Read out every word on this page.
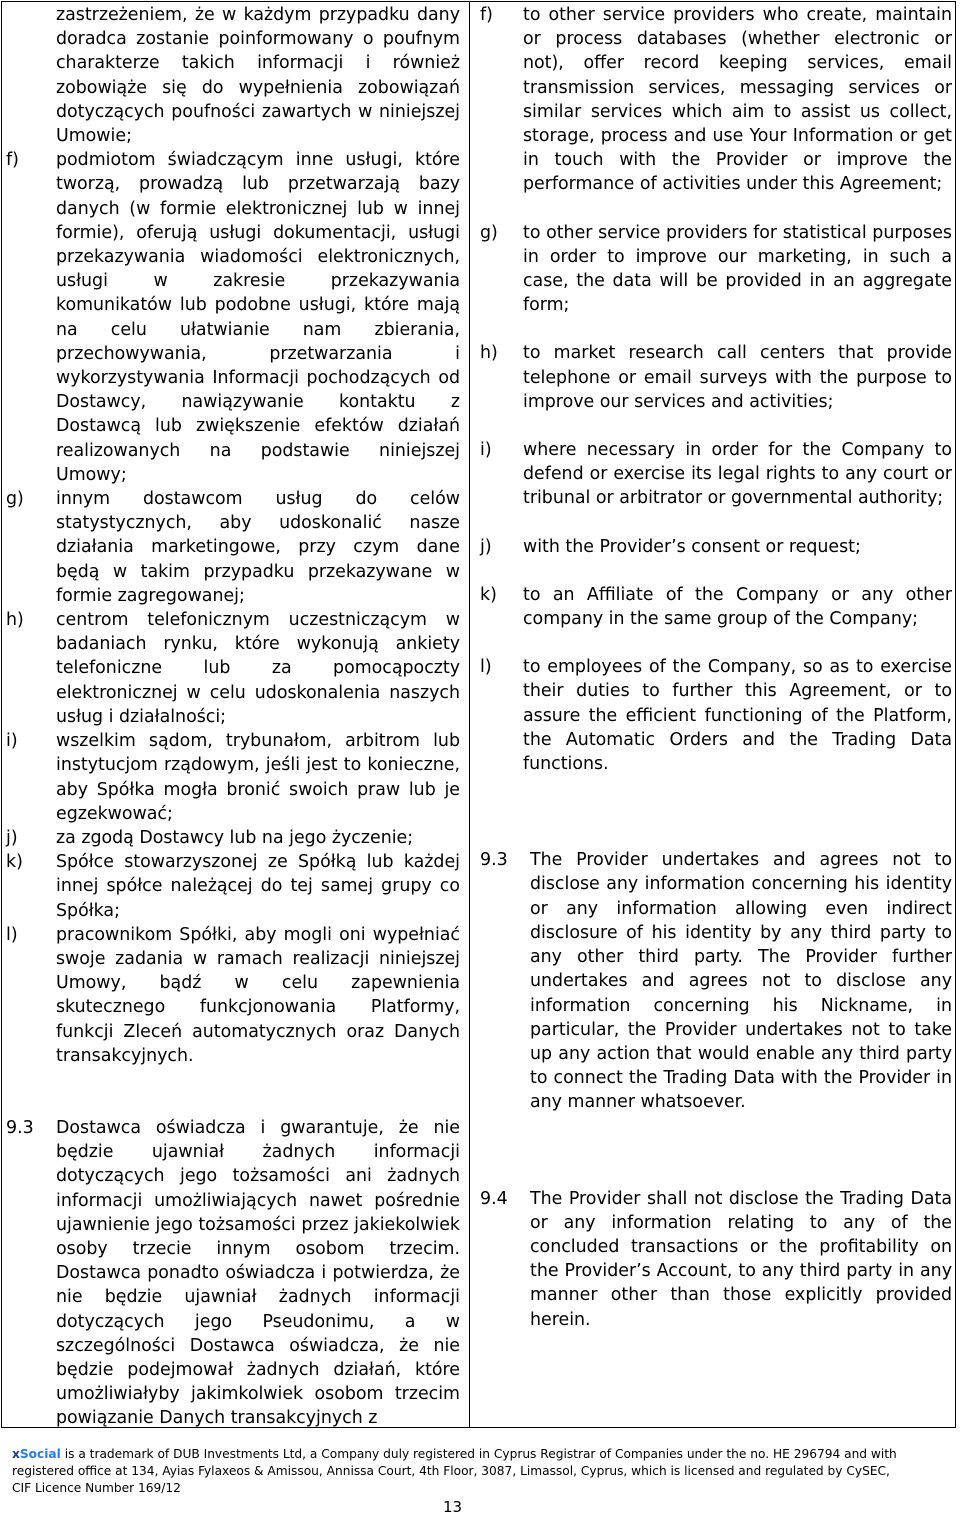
zastrzeżeniem, że w każdym przypadku dany doradca zostanie poinformowany o poufnym charakterze takich informacji i również zobowiąże się do wypełnienia zobowiązań dotyczących poufności zawartych w niniejszej Umowie;
f)	podmiotom świadczącym inne usługi, które tworzą, prowadzą lub przetwarzają bazy danych (w formie elektronicznej lub w innej formie), oferują usługi dokumentacji, usługi przekazywania wiadomości elektronicznych, usługi w zakresie przekazywania komunikatów lub podobne usługi, które mają na celu ułatwianie nam zbierania, przechowywania, przetwarzania i wykorzystywania Informacji pochodzących od Dostawcy, nawiązywanie kontaktu z Dostawcą lub zwiększenie efektów działań realizowanych na podstawie niniejszej Umowy;
g)	innym dostawcom usług do celów statystycznych, aby udoskonalić nasze działania marketingowe, przy czym dane będą w takim przypadku przekazywane w formie zagregowanej;
h)	centrom telefonicznym uczestniczącym w badaniach rynku, które wykonują ankiety telefoniczne lub za pomocąpoczty elektronicznej w celu udoskonalenia naszych usług i działalności;
i)	wszelkim sądom, trybunałom, arbitrom lub instytucjom rządowym, jeśli jest to konieczne, aby Spółka mogła bronić swoich praw lub je egzekwować;
j)	za zgodą Dostawcy lub na jego życzenie;
k)	Spółce stowarzyszonej ze Spółką lub każdej innej spółce należącej do tej samej grupy co Spółka;
l)	pracownikom Spółki, aby mogli oni wypełniać swoje zadania w ramach realizacji niniejszej Umowy, bądź w celu zapewnienia skutecznego funkcjonowania Platformy, funkcji Zleceń automatycznych oraz Danych transakcyjnych.
9.3	Dostawca oświadcza i gwarantuje, że nie będzie ujawniał żadnych informacji dotyczących jego tożsamości ani żadnych informacji umożliwiających nawet pośrednie ujawnienie jego tożsamości przez jakiekolwiek osoby trzecie innym osobom trzecim. Dostawca ponadto oświadcza i potwierdza, że nie będzie ujawniał żadnych informacji dotyczących jego Pseudonimu, a w szczególności Dostawca oświadcza, że nie będzie podejmował żadnych działań, które umożliwiałyby jakimkolwiek osobom trzecim powiązanie Danych transakcyjnych z
f)	to other service providers who create, maintain or process databases (whether electronic or not), offer record keeping services, email transmission services, messaging services or similar services which aim to assist us collect, storage, process and use Your Information or get in touch with the Provider or improve the performance of activities under this Agreement;
g)	to other service providers for statistical purposes in order to improve our marketing, in such a case, the data will be provided in an aggregate form;
h)	to market research call centers that provide telephone or email surveys with the purpose to improve our services and activities;
i)	where necessary in order for the Company to defend or exercise its legal rights to any court or tribunal or arbitrator or governmental authority;
j)	with the Provider’s consent or request;
k)	to an Affiliate of the Company or any other company in the same group of the Company;
l)	to employees of the Company, so as to exercise their duties to further this Agreement, or to assure the efficient functioning of the Platform, the Automatic Orders and the Trading Data functions.
9.3	The Provider undertakes and agrees not to disclose any information concerning his identity or any information allowing even indirect disclosure of his identity by any third party to any other third party. The Provider further undertakes and agrees not to disclose any information concerning his Nickname, in particular, the Provider undertakes not to take up any action that would enable any third party to connect the Trading Data with the Provider in any manner whatsoever.
9.4	The Provider shall not disclose the Trading Data or any information relating to any of the concluded transactions or the profitability on the Provider’s Account, to any third party in any manner other than those explicitly provided herein.
xSocial is a trademark of DUB Investments Ltd, a Company duly registered in Cyprus Registrar of Companies under the no. HE 296794 and with registered office at 134, Ayias Fylaxeos & Amissou, Annissa Court, 4th Floor, 3087, Limassol, Cyprus, which is licensed and regulated by CySEC, CIF Licence Number 169/12
13
